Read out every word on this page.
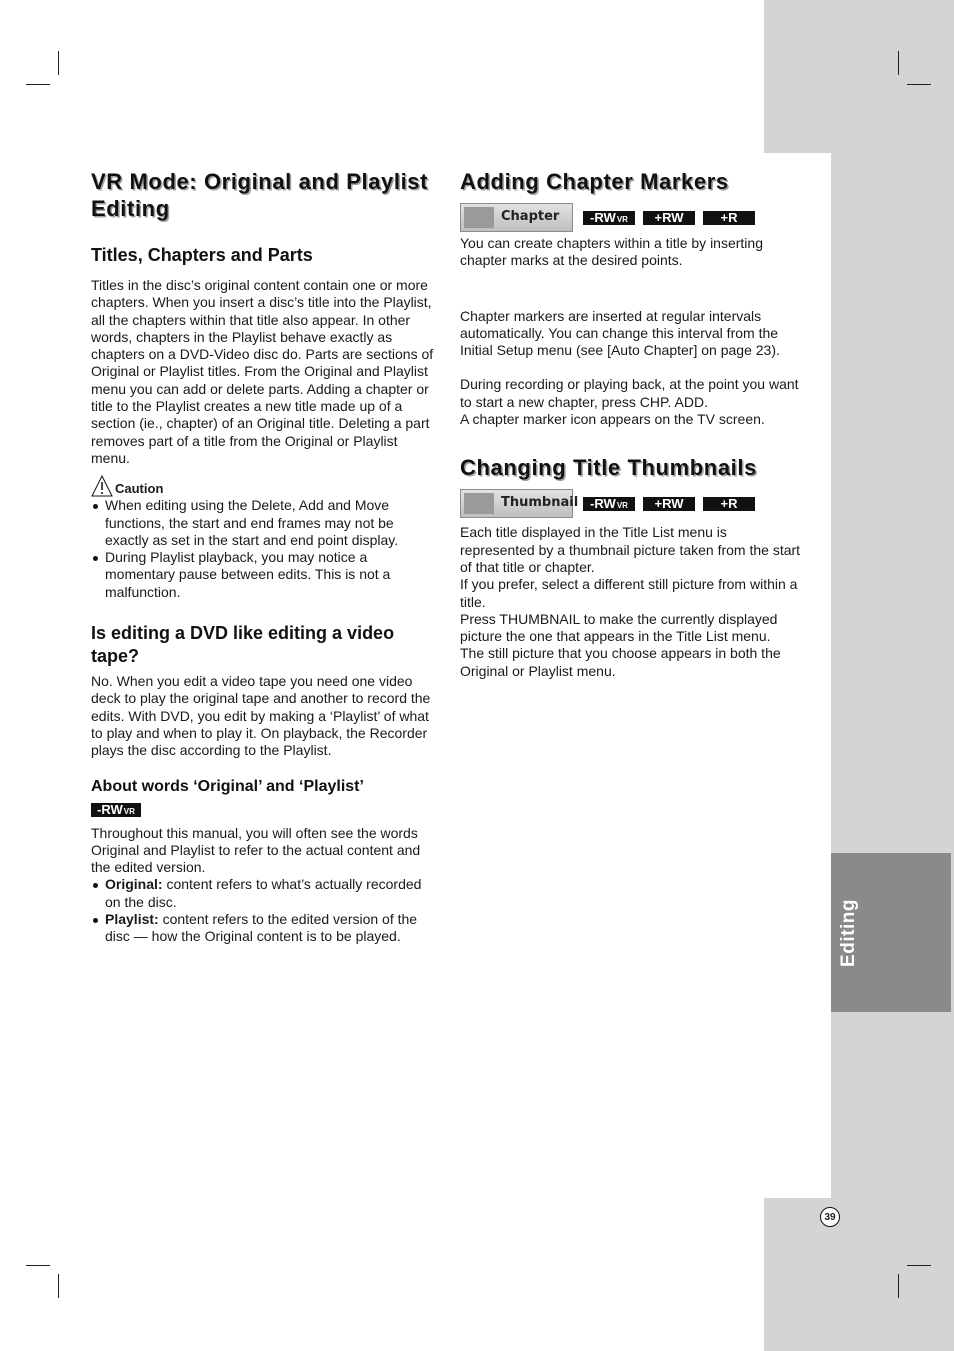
Editing
39
VR Mode: Original and Playlist Editing
Titles, Chapters and Parts

Titles in the disc’s original content contain one or more chapters. When you insert a disc’s title into the Playlist, all the chapters within that title also appear. In other words, chapters in the Playlist behave exactly as chapters on a DVD-Video disc do. Parts are sections of Original or Playlist titles. From the Original and Playlist menu you can add or delete parts. Adding a chapter or title to the Playlist creates a new title made up of a section (ie., chapter) of an Original title. Deleting a part removes part of a title from the Original or Playlist menu.

Caution
When editing using the Delete, Add and Move functions, the start and end frames may not be exactly as set in the start and end point display.
During Playlist playback, you may notice a momentary pause between edits. This is not a malfunction.
Is editing a DVD like editing a video tape?

No. When you edit a video tape you need one video deck to play the original tape and another to record the edits. With DVD, you edit by making a ‘Playlist’ of what to play and when to play it. On playback, the Recorder plays the disc according to the Playlist.

About words ‘Original’ and ‘Playlist’
-RW VR

Throughout this manual, you will often see the words Original and Playlist to refer to the actual content and the edited version.

Original: content refers to what’s actually recorded on the disc.
Playlist: content refers to the edited version of the disc — how the Original content is to be played.
Adding Chapter Markers
Chapter -RW VR	+RW	+R

You can create chapters within a title by inserting chapter marks at the desired points.

Chapter markers are inserted at regular intervals automatically. You can change this interval from the Initial Setup menu (see [Auto Chapter] on page 23).

During recording or playing back, at the point you want to start a new chapter, press CHP. ADD.

A chapter marker icon appears on the TV screen.

Changing Title Thumbnails
Thumbnail -RW VR	+RW	+R

Each title displayed in the Title List menu is represented by a thumbnail picture taken from the start of that title or chapter.

If you prefer, select a different still picture from within a title.

Press THUMBNAIL to make the currently displayed picture the one that appears in the Title List menu.

The still picture that you choose appears in both the Original or Playlist menu.
